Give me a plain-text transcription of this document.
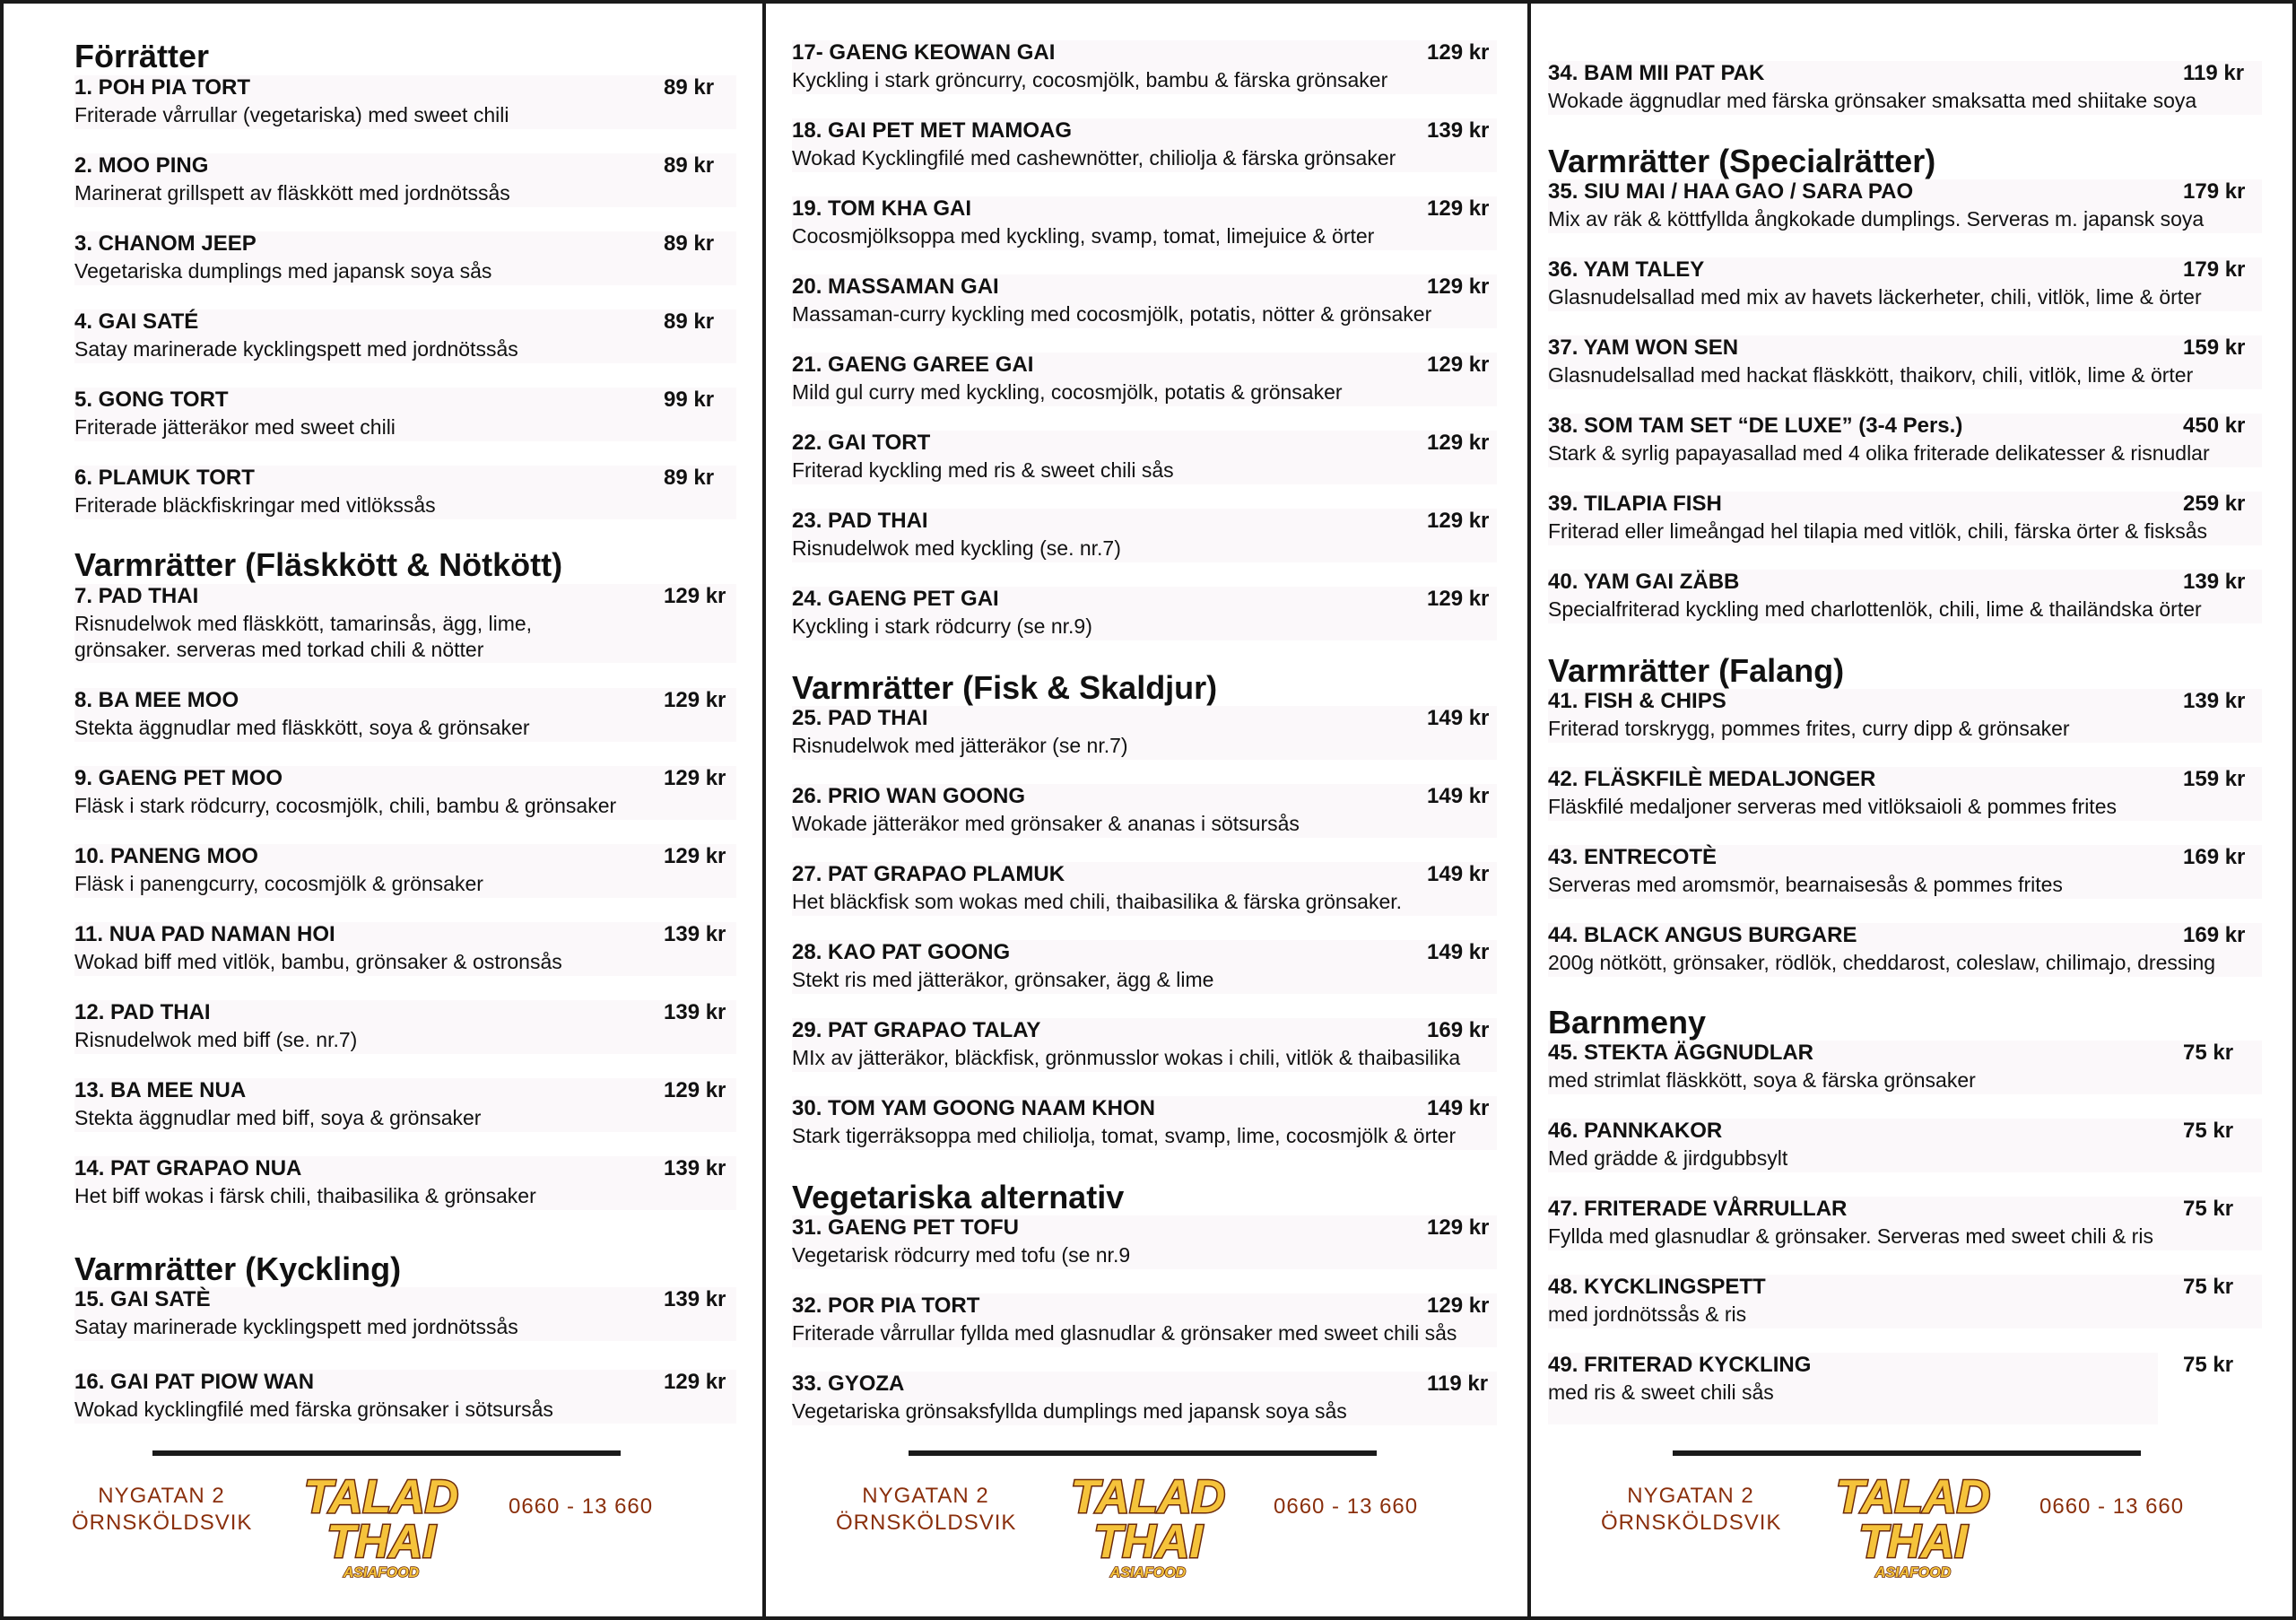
Förrätter
1. POH PIA TORT	89 kr
Friterade vårrullar (vegetariska) med sweet chili
2. MOO PING	89 kr
Marinerat grillspett av fläskkött med jordnötssås
3. CHANOM JEEP	89 kr
Vegetariska dumplings med japansk soya sås
4. GAI SATÉ	89 kr
Satay marinerade kycklingspett med jordnötssås
5. GONG TORT	99 kr
Friterade jätteräkor med sweet chili
6. PLAMUK TORT	89 kr
Friterade bläckfiskringar med vitlökssås
Varmrätter (Fläskkött & Nötkött)
7. PAD THAI	129 kr
Risnudelwok med fläskkött, tamarinsås, ägg, lime, grönsaker. serveras med torkad chili & nötter
8. BA MEE MOO	129 kr
Stekta äggnudlar med fläskkött, soya & grönsaker
9. GAENG PET MOO	129 kr
Fläsk i stark rödcurry, cocosmjölk, chili, bambu & grönsaker
10. PANENG MOO	129 kr
Fläsk i panengcurry, cocosmjölk & grönsaker
11. NUA PAD NAMAN HOI	139 kr
Wokad biff med vitlök, bambu, grönsaker & ostronsås
12. PAD THAI	139 kr
Risnudelwok med biff (se. nr.7)
13. BA MEE NUA	129 kr
Stekta äggnudlar med biff, soya & grönsaker
14. PAT GRAPAO NUA	139 kr
Het biff wokas i färsk chili, thaibasilika & grönsaker
Varmrätter (Kyckling)
15. GAI SATÈ	139 kr
Satay marinerade kycklingspett med jordnötssås
16. GAI PAT PIOW WAN	129 kr
Wokad kycklingfilé med färska grönsaker i sötsursås
17- GAENG KEOWAN GAI	129 kr
Kyckling i stark gröncurry, cocosmjölk, bambu & färska grönsaker
18. GAI PET MET MAMOAG	139 kr
Wokad Kycklingfilé med cashewnötter, chiliolja & färska grönsaker
19. TOM KHA GAI	129 kr
Cocosmjölksoppa med kyckling, svamp, tomat, limejuice & örter
20. MASSAMAN GAI	129 kr
Massaman-curry kyckling med cocosmjölk, potatis, nötter & grönsaker
21. GAENG GAREE GAI	129 kr
Mild gul curry med kyckling, cocosmjölk, potatis & grönsaker
22. GAI TORT	129 kr
Friterad kyckling med ris & sweet chili sås
23. PAD THAI	129 kr
Risnudelwok med kyckling (se. nr.7)
24. GAENG PET GAI	129 kr
Kyckling i stark rödcurry (se nr.9)
Varmrätter (Fisk & Skaldjur)
25. PAD THAI	149 kr
Risnudelwok med jätteräkor (se nr.7)
26. PRIO WAN GOONG	149 kr
Wokade jätteräkor med grönsaker & ananas i sötsursås
27. PAT GRAPAO PLAMUK	149 kr
Het bläckfisk som wokas med chili, thaibasilika & färska grönsaker.
28. KAO PAT GOONG	149 kr
Stekt ris med jätteräkor, grönsaker, ägg & lime
29. PAT GRAPAO TALAY	169 kr
MIx av jätteräkor, bläckfisk, grönmusslor wokas i chili, vitlök & thaibasilika
30. TOM YAM GOONG NAAM KHON	149 kr
Stark tigerräksoppa med chiliolja, tomat, svamp, lime, cocosmjölk & örter
Vegetariska alternativ
31. GAENG PET TOFU	129 kr
Vegetarisk rödcurry med tofu (se nr.9
32. POR PIA TORT	129 kr
Friterade vårrullar fyllda med glasnudlar & grönsaker med sweet chili sås
33. GYOZA	119 kr
Vegetariska grönsaksfyllda dumplings med japansk soya sås
34. BAM MII PAT PAK	119 kr
Wokade äggnudlar med färska grönsaker smaksatta med shiitake soya
Varmrätter (Specialrätter)
35. SIU MAI / HAA GAO / SARA PAO	179 kr
Mix av räk & köttfyllda ångkokade dumplings. Serveras m. japansk soya
36. YAM TALEY	179 kr
Glasnudelsallad med mix av havets läckerheter, chili, vitlök, lime & örter
37. YAM WON SEN	159 kr
Glasnudelsallad med hackat fläskkött, thaikorv, chili, vitlök, lime & örter
38. SOM TAM SET “DE LUXE” (3-4 Pers.)	450 kr
Stark & syrlig papayasallad med 4 olika friterade delikatesser & risnudlar
39. TILAPIA FISH	259 kr
Friterad eller limeångad hel tilapia med vitlök, chili, färska örter & fisksås
40. YAM GAI ZÄBB	139 kr
Specialfriterad kyckling med charlottenlök, chili, lime & thailändska örter
Varmrätter (Falang)
41. FISH & CHIPS	139 kr
Friterad torskrygg, pommes frites, curry dipp & grönsaker
42. FLÄSKFILÈ MEDALJONGER	159 kr
Fläskfilé medaljoner serveras med vitlöksaioli & pommes frites
43. ENTRECOTÈ	169 kr
Serveras med aromsmör, bearnaisesås & pommes frites
44. BLACK ANGUS BURGARE	169 kr
200g nötkött, grönsaker, rödlök, cheddarost, coleslaw, chilimajo, dressing
Barnmeny
45. STEKTA ÄGGNUDLAR	75 kr
med strimlat fläskkött, soya & färska grönsaker
46. PANNKAKOR	75 kr
Med grädde & jirdgubbsylt
47. FRITERADE VÅRRULLAR	75 kr
Fyllda med glasnudlar & grönsaker. Serveras med sweet chili & ris
48. KYCKLINGSPETT	75 kr
med jordnötssås & ris
49. FRITERAD KYCKLING	75 kr
med ris & sweet chili sås
NYGATAN 2
ÖRNSKÖLDSVIK TALAD
THAI
ASIAFOOD
0660 - 13 660	NYGATAN 2
ÖRNSKÖLDSVIK TALAD
THAI
ASIAFOOD
0660 - 13 660	NYGATAN 2
ÖRNSKÖLDSVIK TALAD
THAI
ASIAFOOD
0660 - 13 660
